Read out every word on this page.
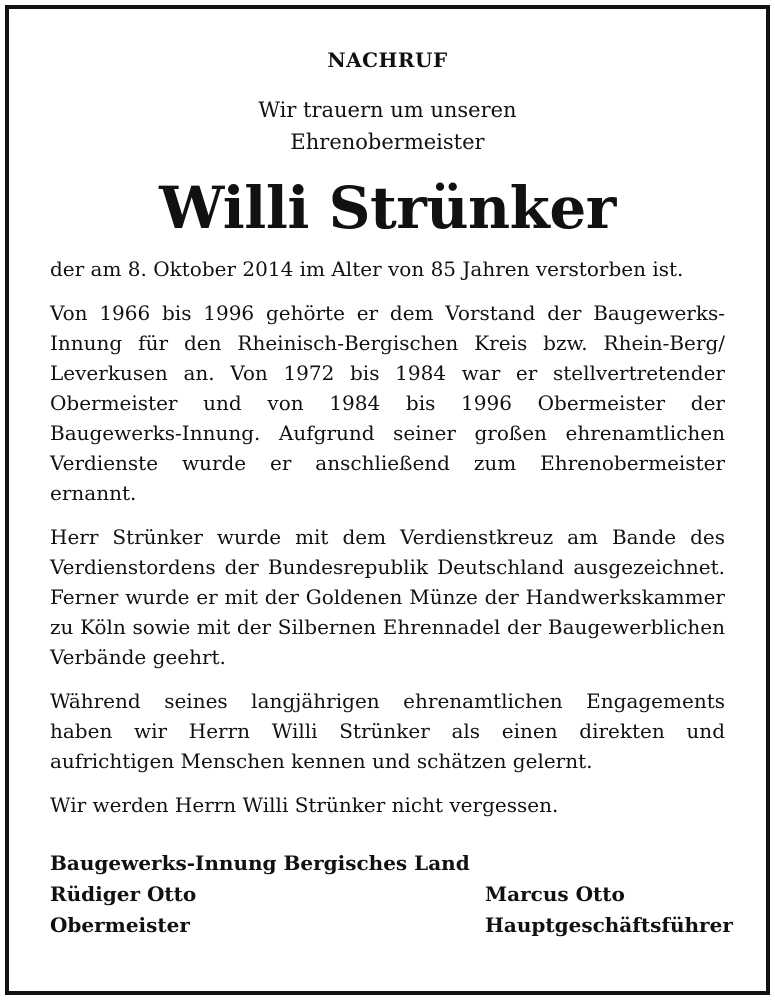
NACHRUF
Wir trauern um unseren
Ehrenobermeister
Willi Strünker

der am 8. Oktober 2014 im Alter von 85 Jahren verstorben ist.

Von 1966 bis 1996 gehörte er dem Vorstand der Baugewerks-Innung für den Rheinisch-Bergischen Kreis bzw. Rhein-Berg/​Leverkusen an. Von 1972 bis 1984 war er stellvertretender Obermeister und von 1984 bis 1996 Obermeister der Baugewerks-Innung. Aufgrund seiner großen ehrenamtlichen Verdienste wurde er anschließend zum Ehrenobermeister ernannt.

Herr Strünker wurde mit dem Verdienstkreuz am Bande des Verdienstordens der Bundesrepublik Deutschland ausgezeichnet. Ferner wurde er mit der Goldenen Münze der Handwerkskammer zu Köln sowie mit der Silbernen Ehrennadel der Baugewerblichen Verbände geehrt.

Während seines langjährigen ehrenamtlichen Engagements haben wir Herrn Willi Strünker als einen direkten und aufrichtigen Menschen kennen und schätzen gelernt.

Wir werden Herrn Willi Strünker nicht vergessen.

Baugewerks-Innung Bergisches Land
Rüdiger Otto	Marcus Otto
Obermeister	Hauptgeschäftsführer
